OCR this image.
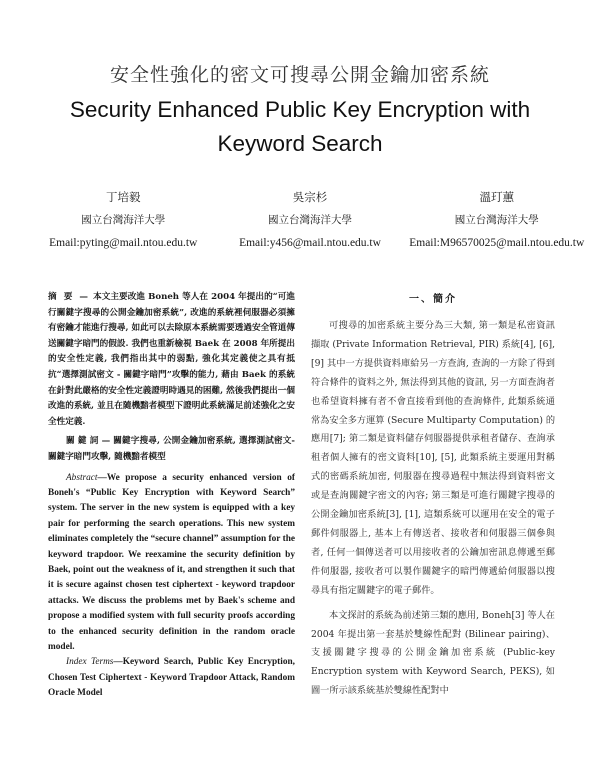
安全性強化的密文可搜尋公開金鑰加密系統
Security Enhanced Public Key Encryption with Keyword Search
丁培毅
國立台灣海洋大學
Email:pyting@mail.ntou.edu.tw
吳宗杉
國立台灣海洋大學
Email:y456@mail.ntou.edu.tw
溫玎蕙
國立台灣海洋大學
Email:M96570025@mail.ntou.edu.tw
摘 要 — 本文主要改進 Boneh 等人在 2004 年提出的“可進行關鍵字搜尋的公開金鑰加密系統”, 改進的系統裡伺服器必須擁有密鑰才能進行搜尋, 如此可以去除原本系統需要透過安全管道傳送關鍵字暗門的假設. 我們也重新檢視 Baek 在 2008 年所提出的安全性定義, 我們指出其中的弱點, 強化其定義使之具有抵抗“選擇測試密文 - 關鍵字暗門”攻擊的能力, 藉由 Baek 的系統在針對此嚴格的安全性定義證明時遇見的困難, 然後我們提出一個改進的系統, 並且在隨機黯者模型下證明此系統滿足前述強化之安全性定義.
關 鍵 詞 — 關鍵字搜尋, 公開金鑰加密系統, 選擇測試密文-關鍵字暗門攻擊, 隨機黯者模型
Abstract—We propose a security enhanced version of Boneh's “Public Key Encryption with Keyword Search” system. The server in the new system is equipped with a key pair for performing the search operations. This new system eliminates completely the “secure channel” assumption for the keyword trapdoor. We reexamine the security definition by Baek, point out the weakness of it, and strengthen it such that it is secure against chosen test ciphertext - keyword trapdoor attacks. We discuss the problems met by Baek's scheme and propose a modified system with full security proofs according to the enhanced security definition in the random oracle model.
Index Terms—Keyword Search, Public Key Encryption, Chosen Test Ciphertext - Keyword Trapdoor Attack, Random Oracle Model
一、簡介

可搜尋的加密系統主要分為三大類, 第一類是私密資訊擷取 (Private Information Retrieval, PIR) 系統[4], [6], [9] 其中一方提供資料庫給另一方查詢, 查詢的一方除了得到符合條件的資料之外, 無法得到其他的資訊, 另一方面查詢者也希望資料擁有者不會直接看到他的查詢條件, 此類系統通常為安全多方運算 (Secure Multiparty Computation) 的應用[7]; 第二類是資料儲存伺服器提供承租者儲存、查詢承租者個人擁有的密文資料[10], [5], 此類系統主要運用對稱式的密碼系統加密, 伺服器在搜尋過程中無法得到資料密文或是查詢關鍵字密文的內容; 第三類是可進行關鍵字搜尋的公開金鑰加密系統[3], [1], 這類系統可以運用在安全的電子郵件伺服器上, 基本上有傳送者、接收者和伺服器三個參與者, 任何一個傳送者可以用接收者的公鑰加密訊息傳遞至郵件伺服器, 接收者可以製作關鍵字的暗門傳遞給伺服器以搜尋具有指定關鍵字的電子郵件。

本文探討的系統為前述第三類的應用, Boneh[3] 等人在 2004 年提出第一套基於雙線性配對 (Bilinear pairing)、支援關鍵字搜尋的公開金鑰加密系統 (Public-key Encryption system with Keyword Search, PEKS), 如圖一所示該系統基於雙線性配對中
